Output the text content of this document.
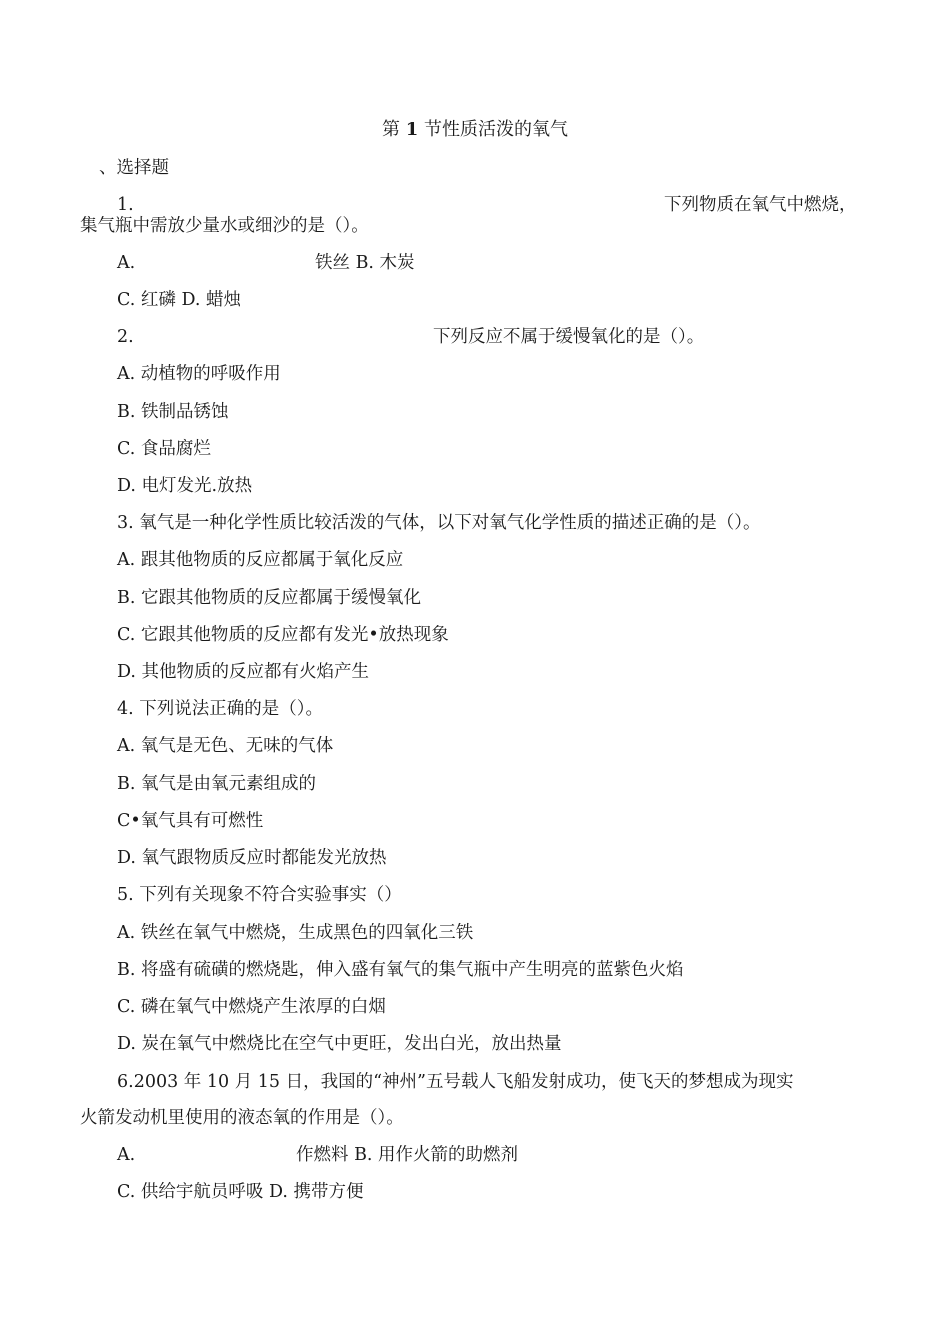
第 1 节性质活泼的氧气
、选择题
1.	下列物质在氧气中燃烧，
集气瓶中需放少量水或细沙的是（）。
A.	铁丝 B. 木炭
C. 红磷 D. 蜡烛
2.	下列反应不属于缓慢氧化的是（）。
A. 动植物的呼吸作用
B. 铁制品锈蚀
C. 食品腐烂
D. 电灯发光.放热
3. 氧气是一种化学性质比较活泼的气体，以下对氧气化学性质的描述正确的是（）。
A. 跟其他物质的反应都属于氧化反应
B. 它跟其他物质的反应都属于缓慢氧化
C. 它跟其他物质的反应都有发光•放热现象
D. 其他物质的反应都有火焰产生
4. 下列说法正确的是（）。
A. 氧气是无色、无味的气体
B. 氧气是由氧元素组成的
C•氧气具有可燃性
D. 氧气跟物质反应时都能发光放热
5. 下列有关现象不符合实验事实（）
A. 铁丝在氧气中燃烧，生成黑色的四氧化三铁
B. 将盛有硫磺的燃烧匙，伸入盛有氧气的集气瓶中产生明亮的蓝紫色火焰
C. 磷在氧气中燃烧产生浓厚的白烟
D. 炭在氧气中燃烧比在空气中更旺，发出白光，放出热量
6.2003 年 10 月 15 日，我国的“神州”五号载人飞船发射成功，使飞天的梦想成为现实
火箭发动机里使用的液态氧的作用是（）。
A.	作燃料 B. 用作火箭的助燃剂
C. 供给宇航员呼吸 D. 携带方便
